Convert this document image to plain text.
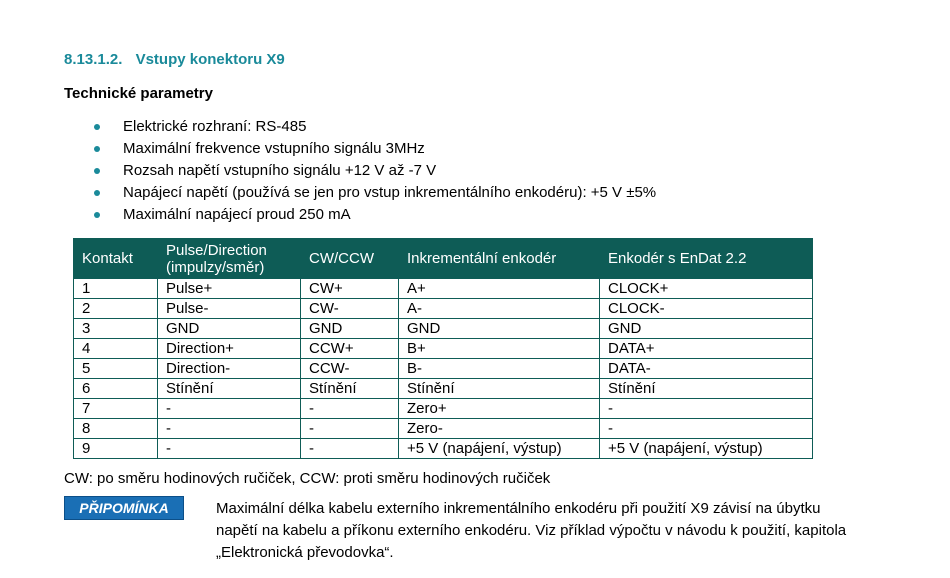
8.13.1.2. Vstupy konektoru X9
Technické parametry
Elektrické rozhraní: RS-485
Maximální frekvence vstupního signálu 3MHz
Rozsah napětí vstupního signálu +12 V až -7 V
Napájecí napětí (používá se jen pro vstup inkrementálního enkodéru): +5 V ±5%
Maximální napájecí proud 250 mA
Kontakt	Pulse/Direction (impulzy/směr)	CW/CCW	Inkrementální enkodér	Enkodér s EnDat 2.2
1	Pulse+	CW+	A+	CLOCK+
2	Pulse-	CW-	A-	CLOCK-
3	GND	GND	GND	GND
4	Direction+	CCW+	B+	DATA+
5	Direction-	CCW-	B-	DATA-
6	Stínění	Stínění	Stínění	Stínění
7	-	-	Zero+	-
8	-	-	Zero-	-
9	-	-	+5 V (napájení, výstup)	+5 V (napájení, výstup)
CW: po směru hodinových ručiček, CCW: proti směru hodinových ručiček
PŘIPOMÍNKA	Maximální délka kabelu externího inkrementálního enkodéru při použití X9 závisí na úbytku napětí na kabelu a příkonu externího enkodéru. Viz příklad výpočtu v návodu k použití, kapitola „Elektronická převodovka“.
